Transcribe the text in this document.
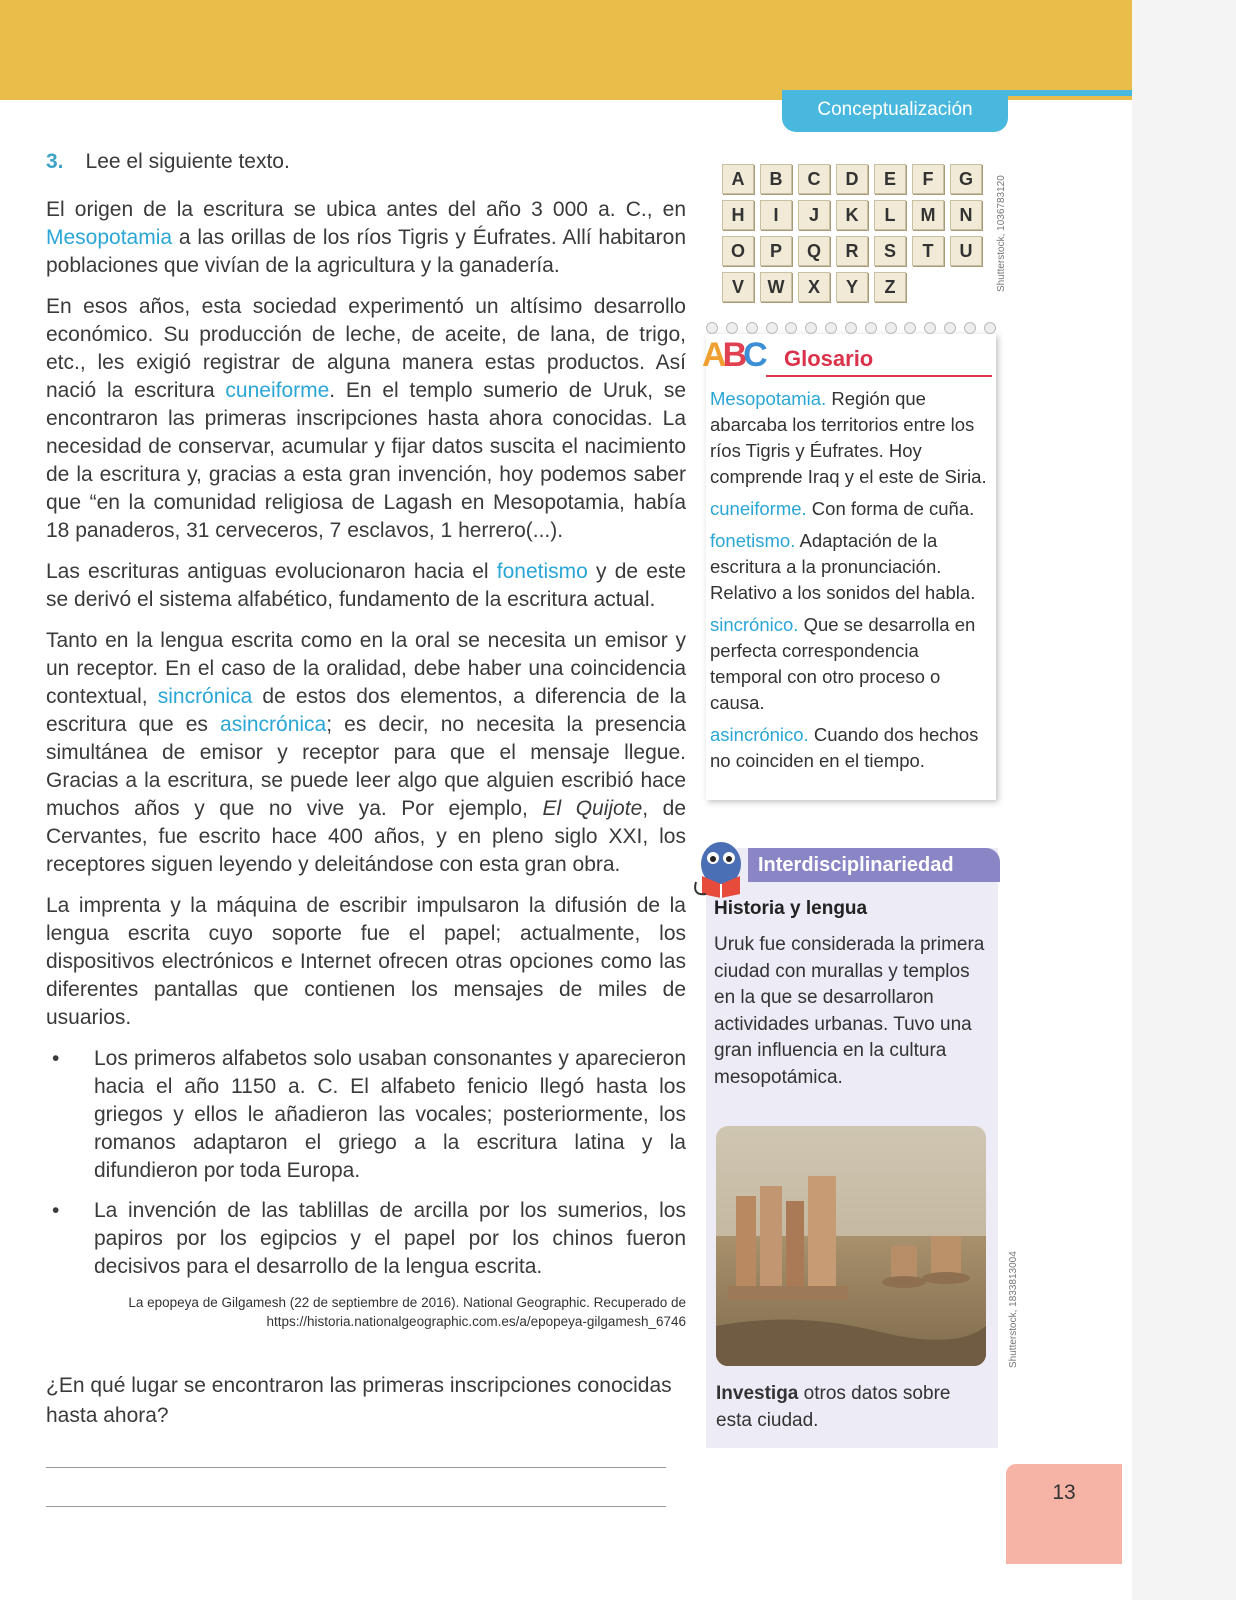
Conceptualización

3. Lee el siguiente texto.

El origen de la escritura se ubica antes del año 3 000 a. C., en Mesopotamia a las orillas de los ríos Tigris y Éufrates. Allí habitaron poblaciones que vivían de la agricultura y la ganadería.

En esos años, esta sociedad experimentó un altísimo desarrollo económico. Su producción de leche, de aceite, de lana, de trigo, etc., les exigió registrar de alguna manera estas productos. Así nació la escritura cuneiforme. En el templo sumerio de Uruk, se encontraron las primeras inscripciones hasta ahora conocidas. La necesidad de conservar, acumular y fijar datos suscita el nacimiento de la escritura y, gracias a esta gran invención, hoy podemos saber que “en la comunidad religiosa de Lagash en Mesopotamia, había 18 panaderos, 31 cerveceros, 7 esclavos, 1 herrero(...).

Las escrituras antiguas evolucionaron hacia el fonetismo y de este se derivó el sistema alfabético, fundamento de la escritura actual.

Tanto en la lengua escrita como en la oral se necesita un emisor y un receptor. En el caso de la oralidad, debe haber una coincidencia contextual, sincrónica de estos dos elementos, a diferencia de la escritura que es asincrónica; es decir, no necesita la presencia simultánea de emisor y receptor para que el mensaje llegue. Gracias a la escritura, se puede leer algo que alguien escribió hace muchos años y que no vive ya. Por ejemplo, El Quijote, de Cervantes, fue escrito hace 400 años, y en pleno siglo XXI, los receptores siguen leyendo y deleitándose con esta gran obra.

La imprenta y la máquina de escribir impulsaron la difusión de la lengua escrita cuyo soporte fue el papel; actualmente, los dispositivos electrónicos e Internet ofrecen otras opciones como las diferentes pantallas que contienen los mensajes de miles de usuarios.

• Los primeros alfabetos solo usaban consonantes y aparecieron hacia el año 1150 a. C. El alfabeto fenicio llegó hasta los griegos y ellos le añadieron las vocales; posteriormente, los romanos adaptaron el griego a la escritura latina y la difundieron por toda Europa.

• La invención de las tablillas de arcilla por los sumerios, los papiros por los egipcios y el papel por los chinos fueron decisivos para el desarrollo de la lengua escrita.

La epopeya de Gilgamesh (22 de septiembre de 2016). National Geographic. Recuperado de
https://historia.nationalgeographic.com.es/a/epopeya-gilgamesh_6746

¿En qué lugar se encontraron las primeras inscripciones conocidas hasta ahora?

A	B	C	D	E	F	G
H	I	J	K	L	M	N
O	P	Q	R	S	T	U
V	W	X	Y	Z	Shutterstock, 1036783120
ABC Glosario

Mesopotamia. Región que abarcaba los territorios entre los ríos Tigris y Éufrates. Hoy comprende Iraq y el este de Siria.

cuneiforme. Con forma de cuña.

fonetismo. Adaptación de la escritura a la pronunciación. Relativo a los sonidos del habla.

sincrónico. Que se desarrolla en perfecta correspondencia temporal con otro proceso o causa.

asincrónico. Cuando dos hechos no coinciden en el tiempo.

Interdisciplinariedad
Historia y lengua
Uruk fue considerada la primera ciudad con murallas y templos en la que se desarrollaron actividades urbanas. Tuvo una gran influencia en la cultura mesopotámica.
Investiga otros datos sobre esta ciudad.
Shutterstock, 1833813004
13
